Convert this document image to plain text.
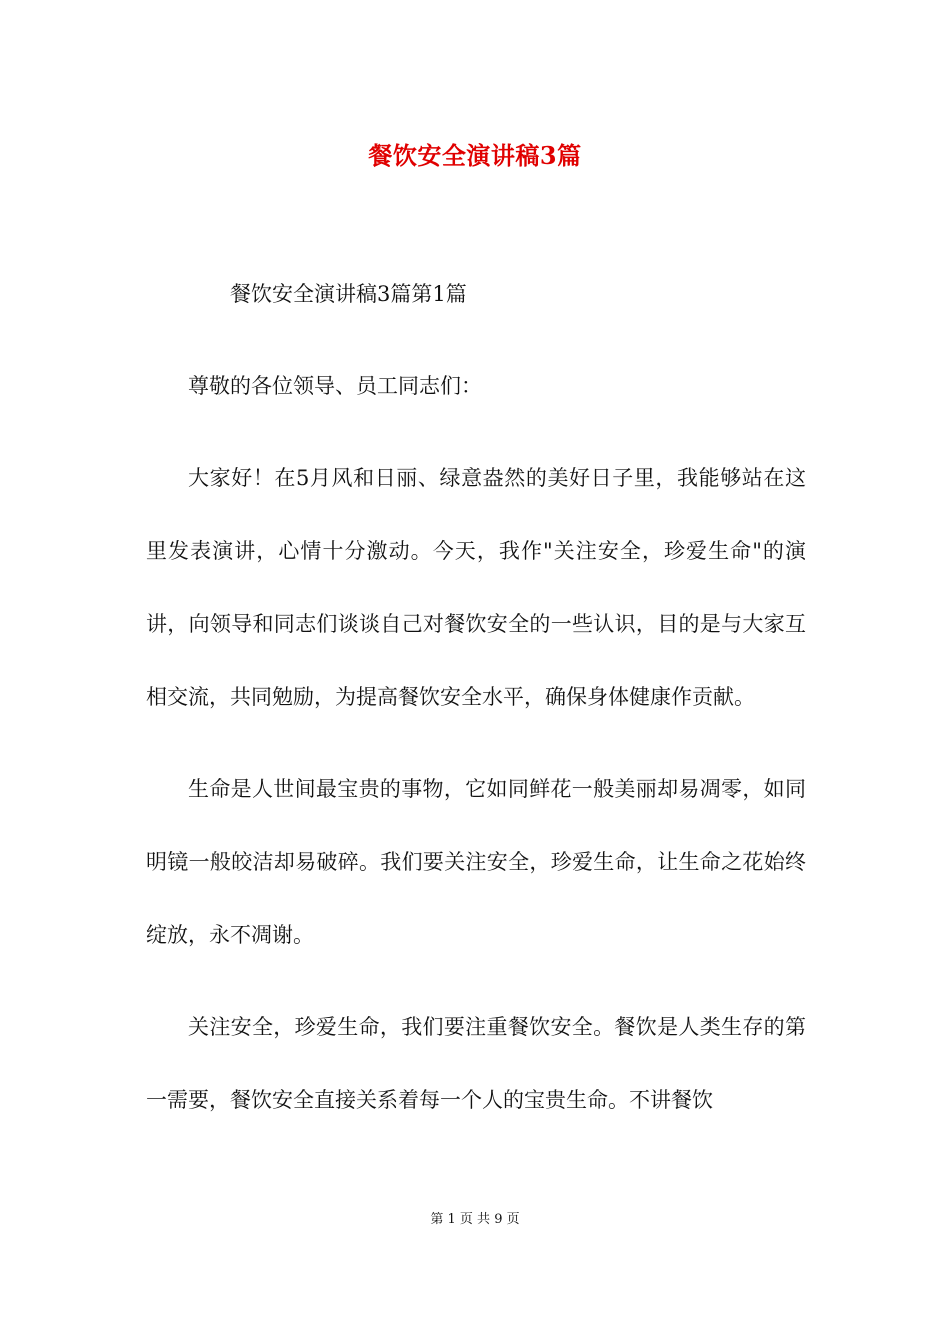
餐饮安全演讲稿3篇

餐饮安全演讲稿3篇第1篇

尊敬的各位领导、员工同志们：

大家好！在5月风和日丽、绿意盎然的美好日子里，我能够站在这里发表演讲，心情十分激动。今天，我作"关注安全，珍爱生命"的演讲，向领导和同志们谈谈自己对餐饮安全的一些认识，目的是与大家互相交流，共同勉励，为提高餐饮安全水平，确保身体健康作贡献。

生命是人世间最宝贵的事物，它如同鲜花一般美丽却易凋零，如同明镜一般皎洁却易破碎。我们要关注安全，珍爱生命，让生命之花始终绽放，永不凋谢。

关注安全，珍爱生命，我们要注重餐饮安全。餐饮是人类生存的第一需要，餐饮安全直接关系着每一个人的宝贵生命。不讲餐饮

第 1 页 共 9 页
